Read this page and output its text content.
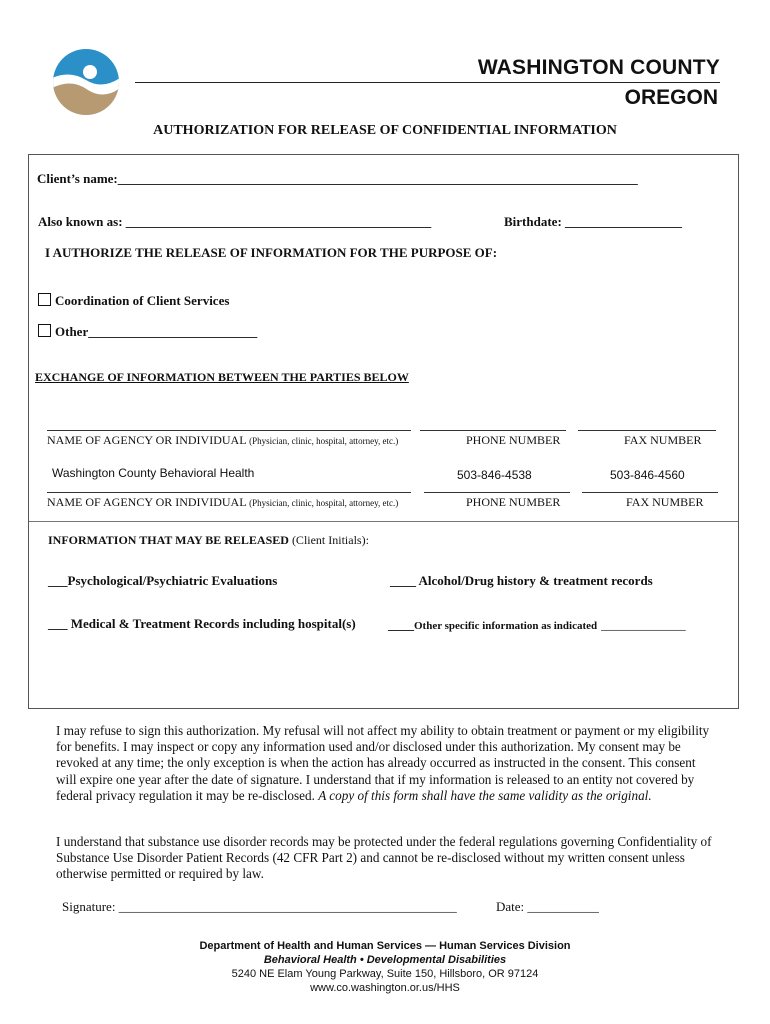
WASHINGTON COUNTY
OREGON
AUTHORIZATION FOR RELEASE OF CONFIDENTIAL INFORMATION
Client’s name:________________________________________________________________________________
Also known as: _______________________________________________	Birthdate: __________________
I AUTHORIZE THE RELEASE OF INFORMATION FOR THE PURPOSE OF:
Coordination of Client Services
Other__________________________
EXCHANGE OF INFORMATION BETWEEN THE PARTIES BELOW
NAME OF AGENCY OR INDIVIDUAL (Physician, clinic, hospital, attorney, etc.)	PHONE NUMBER	FAX NUMBER
Washington County Behavioral Health	503-846-4538	503-846-4560
NAME OF AGENCY OR INDIVIDUAL (Physician, clinic, hospital, attorney, etc.)	PHONE NUMBER	FAX NUMBER
INFORMATION THAT MAY BE RELEASED (Client Initials):
___Psychological/Psychiatric Evaluations	____ Alcohol/Drug history & treatment records
___ Medical & Treatment Records including hospital(s) ____Other specific information as indicated _____________
I may refuse to sign this authorization. My refusal will not affect my ability to obtain treatment or payment or my eligibility for benefits. I may inspect or copy any information used and/or disclosed under this authorization. My consent may be revoked at any time; the only exception is when the action has already occurred as instructed in the consent. This consent will expire one year after the date of signature. I understand that if my information is released to an entity not covered by federal privacy regulation it may be re-disclosed. A copy of this form shall have the same validity as the original.
I understand that substance use disorder records may be protected under the federal regulations governing Confidentiality of Substance Use Disorder Patient Records (42 CFR Part 2) and cannot be re-disclosed without my written consent unless otherwise permitted or required by law.
Signature: ____________________________________________________	Date: ___________
Department of Health and Human Services — Human Services Division
Behavioral Health • Developmental Disabilities
5240 NE Elam Young Parkway, Suite 150, Hillsboro, OR 97124
www.co.washington.or.us/HHS
